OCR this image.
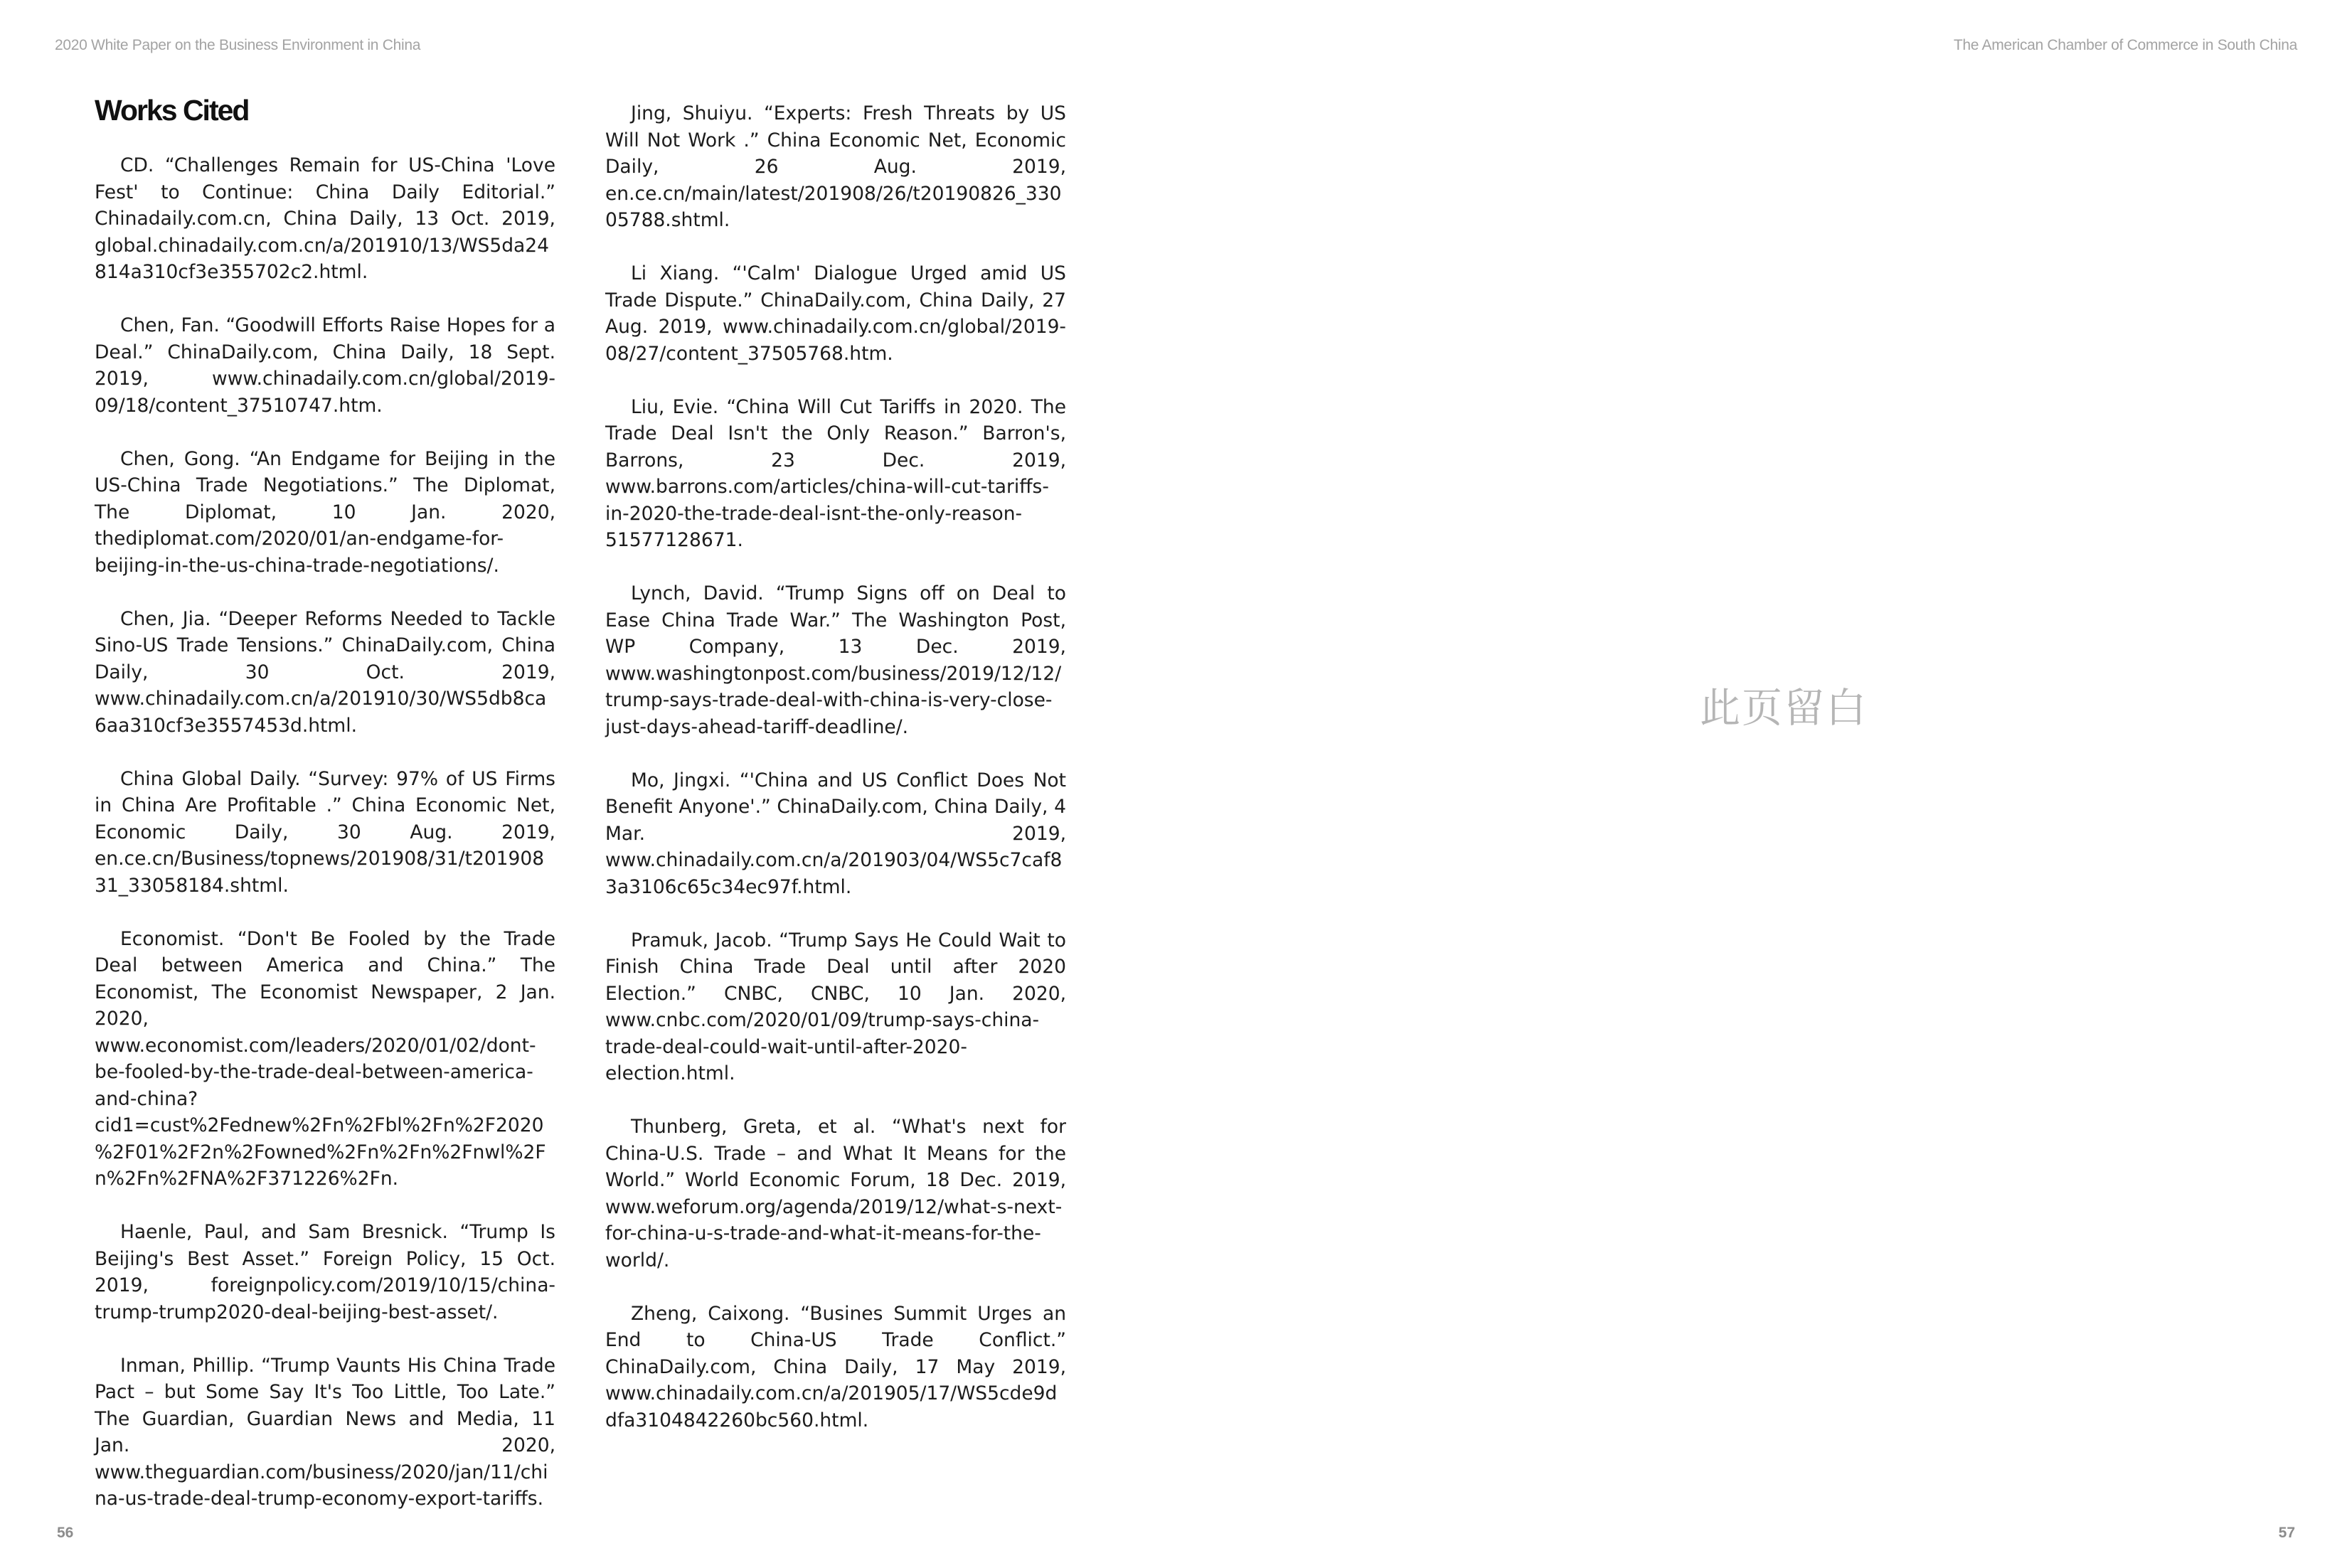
2020 White Paper on the Business Environment in China	The American Chamber of Commerce in South China
Works Cited

CD. “Challenges Remain for US-China 'Love Fest' to Continue: China Daily Editorial.” Chinadaily.com.cn, China Daily, 13 Oct. 2019, global.chinadaily.com.cn/a/201910/13/WS5da24814a310cf3e355702c2.html.

Chen, Fan. “Goodwill Efforts Raise Hopes for a Deal.” ChinaDaily.com, China Daily, 18 Sept. 2019, www.chinadaily.com.cn/global/2019-09/18/content_37510747.htm.

Chen, Gong. “An Endgame for Beijing in the US-China Trade Negotiations.” The Diplomat, The Diplomat, 10 Jan. 2020, thediplomat.com/2020/01/an-endgame-for-beijing-in-the-us-china-trade-negotiations/.

Chen, Jia. “Deeper Reforms Needed to Tackle Sino-US Trade Tensions.” ChinaDaily.com, China Daily, 30 Oct. 2019, www.chinadaily.com.cn/a/201910/30/WS5db8ca6aa310cf3e3557453d.html.

China Global Daily. “Survey: 97% of US Firms in China Are Profitable .” China Economic Net, Economic Daily, 30 Aug. 2019, en.ce.cn/Business/topnews/201908/31/t20190831_33058184.shtml.

Economist. “Don't Be Fooled by the Trade Deal between America and China.” The Economist, The Economist Newspaper, 2 Jan. 2020, www.economist.com/leaders/2020/01/02/dont-be-fooled-by-the-trade-deal-between-america-and-china?cid1=cust%2Fednew%2Fn%2Fbl%2Fn%2F2020%2F01%2F2n%2Fowned%2Fn%2Fn%2Fnwl%2Fn%2Fn%2FNA%2F371226%2Fn.

Haenle, Paul, and Sam Bresnick. “Trump Is Beijing's Best Asset.” Foreign Policy, 15 Oct. 2019, foreignpolicy.com/2019/10/15/china-trump-trump2020-deal-beijing-best-asset/.

Inman, Phillip. “Trump Vaunts His China Trade Pact – but Some Say It's Too Little, Too Late.” The Guardian, Guardian News and Media, 11 Jan. 2020, www.theguardian.com/business/2020/jan/11/china-us-trade-deal-trump-economy-export-tariffs.

Jing, Shuiyu. “Experts: Fresh Threats by US Will Not Work .” China Economic Net, Economic Daily, 26 Aug. 2019, en.ce.cn/main/latest/201908/26/t20190826_33005788.shtml.

Li Xiang. “'Calm' Dialogue Urged amid US Trade Dispute.” ChinaDaily.com, China Daily, 27 Aug. 2019, www.chinadaily.com.cn/global/2019-08/27/content_37505768.htm.

Liu, Evie. “China Will Cut Tariffs in 2020. The Trade Deal Isn't the Only Reason.” Barron's, Barrons, 23 Dec. 2019, www.barrons.com/articles/china-will-cut-tariffs-in-2020-the-trade-deal-isnt-the-only-reason-51577128671.

Lynch, David. “Trump Signs off on Deal to Ease China Trade War.” The Washington Post, WP Company, 13 Dec. 2019, www.washingtonpost.com/business/2019/12/12/trump-says-trade-deal-with-china-is-very-close-just-days-ahead-tariff-deadline/.

Mo, Jingxi. “'China and US Conflict Does Not Benefit Anyone'.” ChinaDaily.com, China Daily, 4 Mar. 2019, www.chinadaily.com.cn/a/201903/04/WS5c7caf83a3106c65c34ec97f.html.

Pramuk, Jacob. “Trump Says He Could Wait to Finish China Trade Deal until after 2020 Election.” CNBC, CNBC, 10 Jan. 2020, www.cnbc.com/2020/01/09/trump-says-china-trade-deal-could-wait-until-after-2020-election.html.

Thunberg, Greta, et al. “What's next for China-U.S. Trade – and What It Means for the World.” World Economic Forum, 18 Dec. 2019, www.weforum.org/agenda/2019/12/what-s-next-for-china-u-s-trade-and-what-it-means-for-the-world/.

Zheng, Caixong. “Busines Summit Urges an End to China-US Trade Conflict.” ChinaDaily.com, China Daily, 17 May 2019, www.chinadaily.com.cn/a/201905/17/WS5cde9ddfa3104842260bc560.html.

此页留白
56	57
